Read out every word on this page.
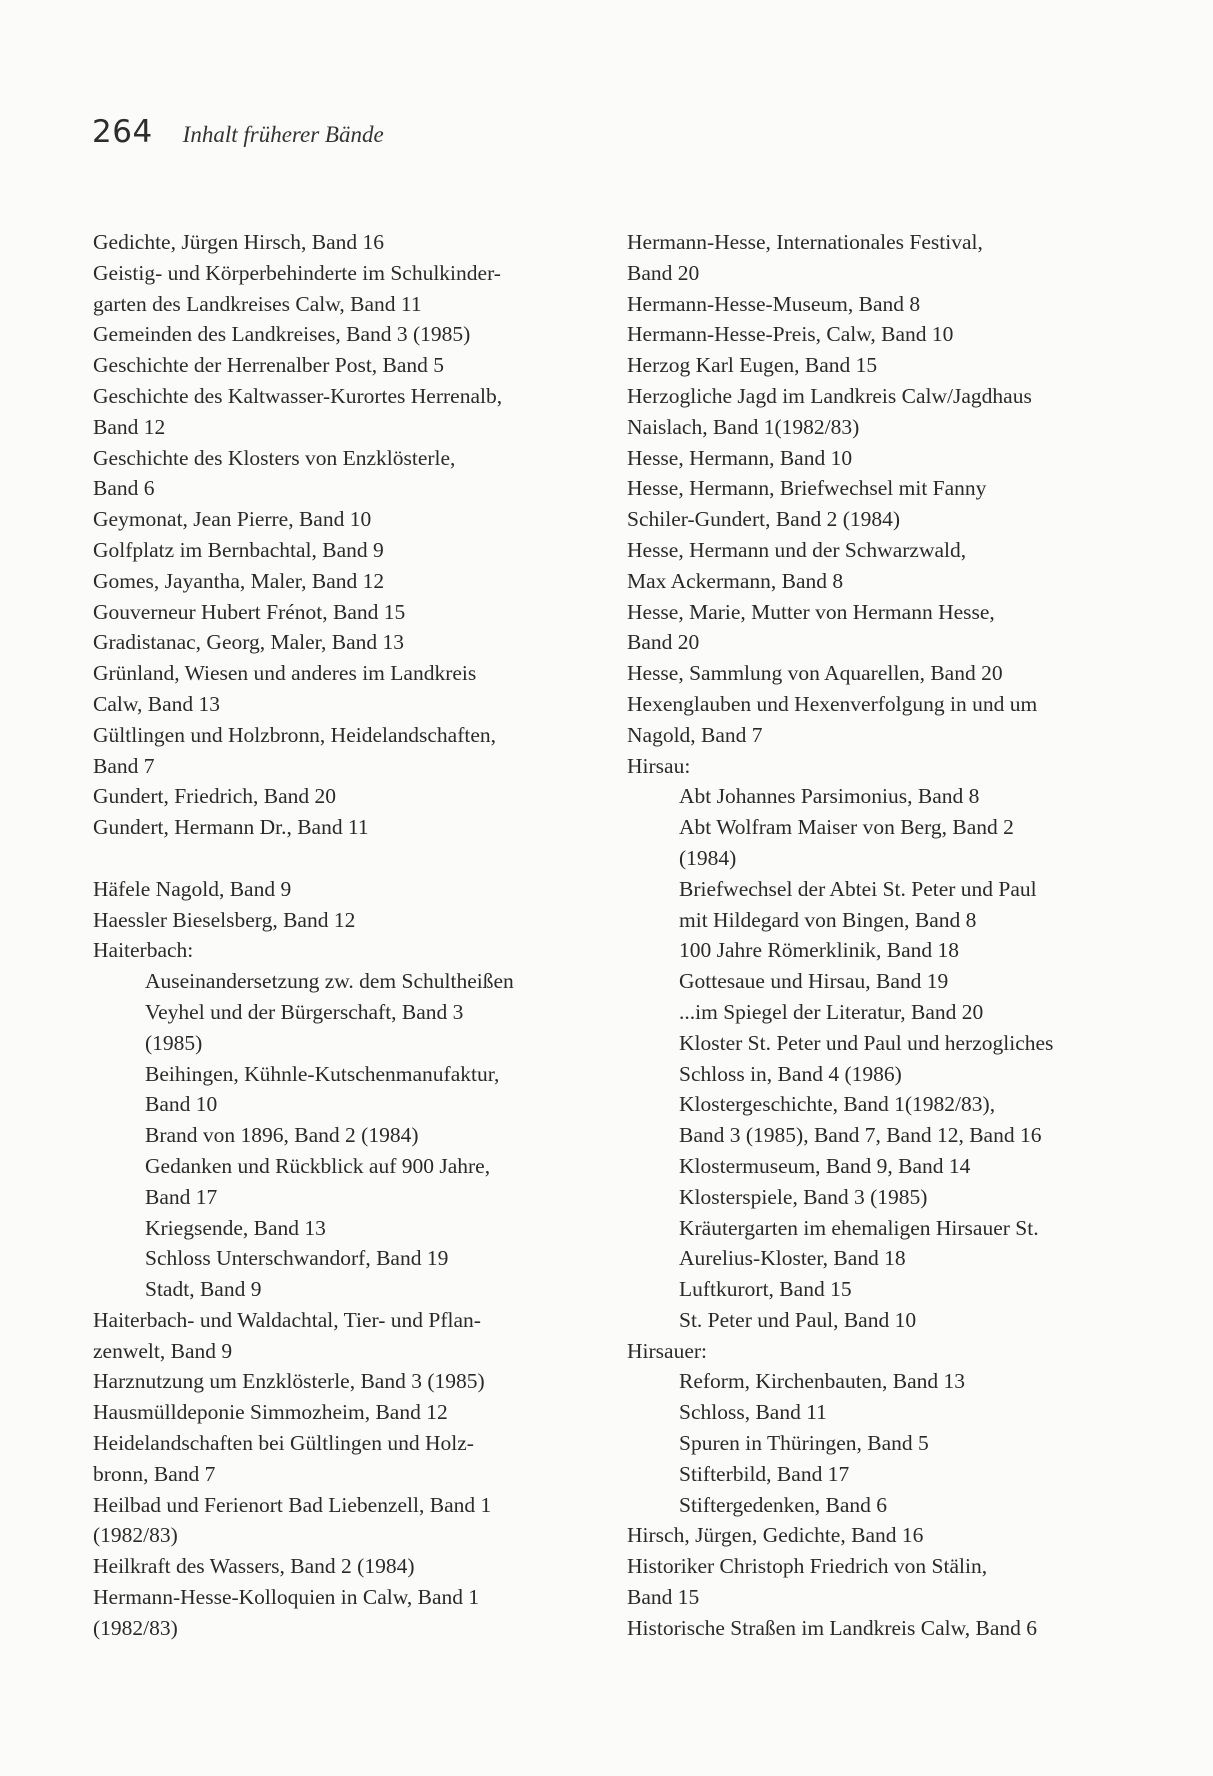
264 Inhalt früherer Bände
Gedichte, Jürgen Hirsch, Band 16
Geistig- und Körperbehinderte im Schulkinder-
garten des Landkreises Calw, Band 11
Gemeinden des Landkreises, Band 3 (1985)
Geschichte der Herrenalber Post, Band 5
Geschichte des Kaltwasser-Kurortes Herrenalb,
Band 12
Geschichte des Klosters von Enzklösterle,
Band 6
Geymonat, Jean Pierre, Band 10
Golfplatz im Bernbachtal, Band 9
Gomes, Jayantha, Maler, Band 12
Gouverneur Hubert Frénot, Band 15
Gradistanac, Georg, Maler, Band 13
Grünland, Wiesen und anderes im Landkreis
Calw, Band 13
Gültlingen und Holzbronn, Heidelandschaften,
Band 7
Gundert, Friedrich, Band 20
Gundert, Hermann Dr., Band 11
Häfele Nagold, Band 9
Haessler Bieselsberg, Band 12
Haiterbach:
Auseinandersetzung zw. dem Schultheißen
Veyhel und der Bürgerschaft, Band 3
(1985)
Beihingen, Kühnle-Kutschenmanufaktur,
Band 10
Brand von 1896, Band 2 (1984)
Gedanken und Rückblick auf 900 Jahre,
Band 17
Kriegsende, Band 13
Schloss Unterschwandorf, Band 19
Stadt, Band 9
Haiterbach- und Waldachtal, Tier- und Pflan-
zenwelt, Band 9
Harznutzung um Enzklösterle, Band 3 (1985)
Hausmülldeponie Simmozheim, Band 12
Heidelandschaften bei Gültlingen und Holz-
bronn, Band 7
Heilbad und Ferienort Bad Liebenzell, Band 1
(1982/83)
Heilkraft des Wassers, Band 2 (1984)
Hermann-Hesse-Kolloquien in Calw, Band 1
(1982/83)
Hermann-Hesse, Internationales Festival,
Band 20
Hermann-Hesse-Museum, Band 8
Hermann-Hesse-Preis, Calw, Band 10
Herzog Karl Eugen, Band 15
Herzogliche Jagd im Landkreis Calw/Jagdhaus
Naislach, Band 1(1982/83)
Hesse, Hermann, Band 10
Hesse, Hermann, Briefwechsel mit Fanny
Schiler-Gundert, Band 2 (1984)
Hesse, Hermann und der Schwarzwald,
Max Ackermann, Band 8
Hesse, Marie, Mutter von Hermann Hesse,
Band 20
Hesse, Sammlung von Aquarellen, Band 20
Hexenglauben und Hexenverfolgung in und um
Nagold, Band 7
Hirsau:
Abt Johannes Parsimonius, Band 8
Abt Wolfram Maiser von Berg, Band 2
(1984)
Briefwechsel der Abtei St. Peter und Paul
mit Hildegard von Bingen, Band 8
100 Jahre Römerklinik, Band 18
Gottesaue und Hirsau, Band 19
...im Spiegel der Literatur, Band 20
Kloster St. Peter und Paul und herzogliches
Schloss in, Band 4 (1986)
Klostergeschichte, Band 1(1982/83),
Band 3 (1985), Band 7, Band 12, Band 16
Klostermuseum, Band 9, Band 14
Klosterspiele, Band 3 (1985)
Kräutergarten im ehemaligen Hirsauer St.
Aurelius-Kloster, Band 18
Luftkurort, Band 15
St. Peter und Paul, Band 10
Hirsauer:
Reform, Kirchenbauten, Band 13
Schloss, Band 11
Spuren in Thüringen, Band 5
Stifterbild, Band 17
Stiftergedenken, Band 6
Hirsch, Jürgen, Gedichte, Band 16
Historiker Christoph Friedrich von Stälin,
Band 15
Historische Straßen im Landkreis Calw, Band 6
